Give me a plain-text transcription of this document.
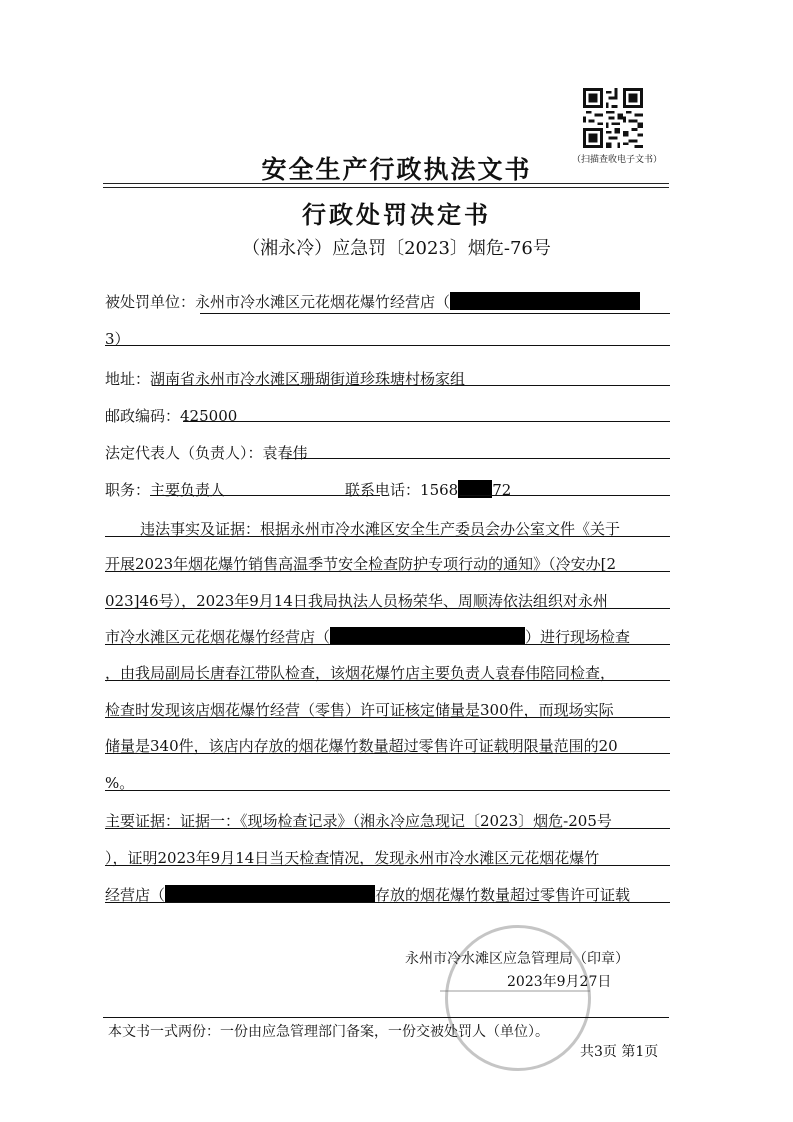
（扫描查收电子文书）
安全生产行政执法文书
行政处罚决定书
（湘永冷）应急罚〔2023〕烟危-76号
被处罚单位：永州市冷水滩区元花烟花爆竹经营店（
3）
地址：湖南省永州市冷水滩区珊瑚街道珍珠塘村杨家组
邮政编码：425000
法定代表人（负责人）：袁春伟
职务：主要负责人	联系电话：1568 72
违法事实及证据：根据永州市冷水滩区安全生产委员会办公室文件《关于
开展2023年烟花爆竹销售高温季节安全检查防护专项行动的通知》（冷安办[2
023]46号），2023年9月14日我局执法人员杨荣华、周顺涛依法组织对永州
市冷水滩区元花烟花爆竹经营店（	）进行现场检查
，由我局副局长唐春江带队检查，该烟花爆竹店主要负责人袁春伟陪同检查，
检查时发现该店烟花爆竹经营（零售）许可证核定储量是300件，而现场实际
储量是340件，该店内存放的烟花爆竹数量超过零售许可证载明限量范围的20
%。
主要证据：证据一：《现场检查记录》（湘永冷应急现记〔2023〕烟危-205号
），证明2023年9月14日当天检查情况，发现永州市冷水滩区元花烟花爆竹
经营店（	存放的烟花爆竹数量超过零售许可证载
永州市冷水滩区应急管理局（印章）
2023年9月27日
本文书一式两份：一份由应急管理部门备案，一份交被处罚人（单位）。
共3页 第1页
